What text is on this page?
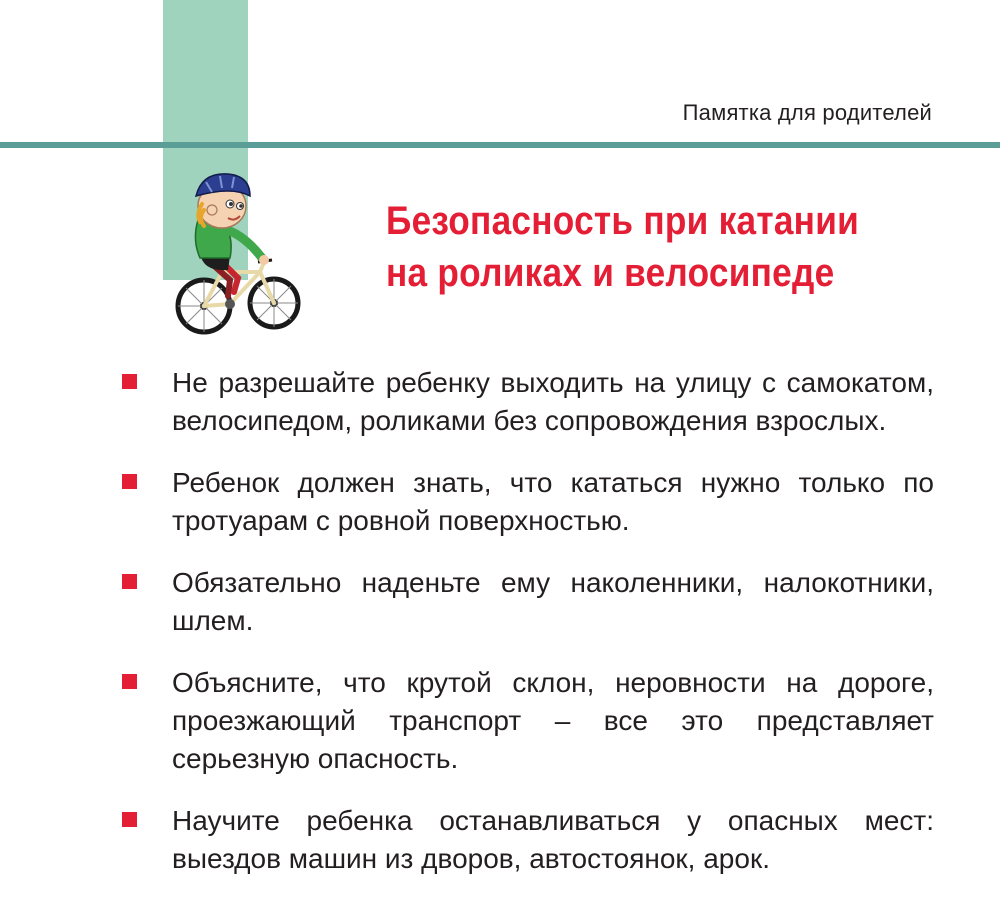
Памятка для родителей
Безопасность при катании
на роликах и велосипеде
Не разрешайте ребенку выходить на улицу с самокатом, велосипедом, роликами без сопровождения взрослых.
Ребенок должен знать, что кататься нужно только по тротуарам с ровной поверхностью.
Обязательно наденьте ему наколенники, налокотники, шлем.
Объясните, что крутой склон, неровности на дороге, проезжающий транспорт – все это представляет серьезную опасность.
Научите ребенка останавливаться у опасных мест: выездов машин из дворов, автостоянок, арок.
